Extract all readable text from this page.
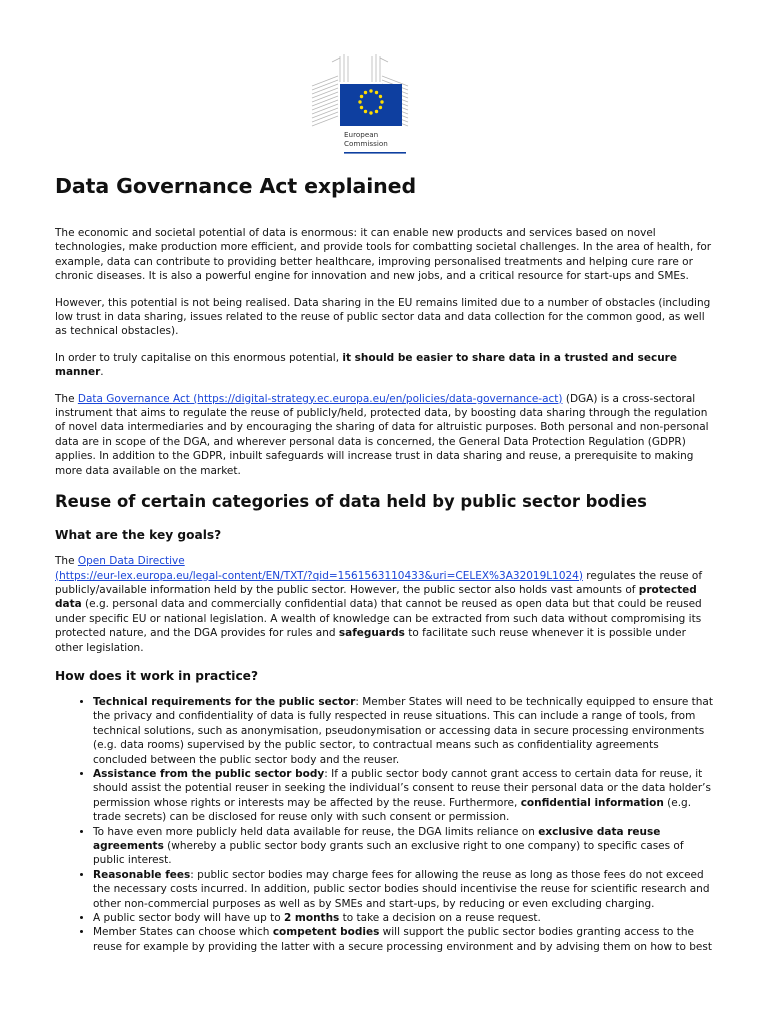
European
Commission
Data Governance Act explained

The economic and societal potential of data is enormous: it can enable new products and services based on novel technologies, make production more efficient, and provide tools for combatting societal challenges. In the area of health, for example, data can contribute to providing better healthcare, improving personalised treatments and helping cure rare or chronic diseases. It is also a powerful engine for innovation and new jobs, and a critical resource for start-ups and SMEs.

However, this potential is not being realised. Data sharing in the EU remains limited due to a number of obstacles (including low trust in data sharing, issues related to the reuse of public sector data and data collection for the common good, as well as technical obstacles).

In order to truly capitalise on this enormous potential, it should be easier to share data in a trusted and secure manner.

The Data Governance Act (https://digital-strategy.ec.europa.eu/en/policies/data-governance-act) (DGA) is a cross-sectoral instrument that aims to regulate the reuse of publicly/held, protected data, by boosting data sharing through the regulation of novel data intermediaries and by encouraging the sharing of data for altruistic purposes. Both personal and non-personal data are in scope of the DGA, and wherever personal data is concerned, the General Data Protection Regulation (GDPR) applies. In addition to the GDPR, inbuilt safeguards will increase trust in data sharing and reuse, a prerequisite to making more data available on the market.

Reuse of certain categories of data held by public sector bodies
What are the key goals?

The Open Data Directive
(https://eur-lex.europa.eu/legal-content/EN/TXT/?qid=1561563110433&uri=CELEX%3A32019L1024) regulates the reuse of publicly/available information held by the public sector. However, the public sector also holds vast amounts of protected data (e.g. personal data and commercially confidential data) that cannot be reused as open data but that could be reused under specific EU or national legislation. A wealth of knowledge can be extracted from such data without compromising its protected nature, and the DGA provides for rules and safeguards to facilitate such reuse whenever it is possible under other legislation.

How does it work in practice?
• Technical requirements for the public sector: Member States will need to be technically equipped to ensure that the privacy and confidentiality of data is fully respected in reuse situations. This can include a range of tools, from technical solutions, such as anonymisation, pseudonymisation or accessing data in secure processing environments (e.g. data rooms) supervised by the public sector, to contractual means such as confidentiality agreements concluded between the public sector body and the reuser.
• Assistance from the public sector body: If a public sector body cannot grant access to certain data for reuse, it should assist the potential reuser in seeking the individual’s consent to reuse their personal data or the data holder’s permission whose rights or interests may be affected by the reuse. Furthermore, confidential information (e.g. trade secrets) can be disclosed for reuse only with such consent or permission.
• To have even more publicly held data available for reuse, the DGA limits reliance on exclusive data reuse agreements (whereby a public sector body grants such an exclusive right to one company) to specific cases of public interest.
• Reasonable fees: public sector bodies may charge fees for allowing the reuse as long as those fees do not exceed the necessary costs incurred. In addition, public sector bodies should incentivise the reuse for scientific research and other non-commercial purposes as well as by SMEs and start-ups, by reducing or even excluding charging.
• A public sector body will have up to 2 months to take a decision on a reuse request.
• Member States can choose which competent bodies will support the public sector bodies granting access to the reuse for example by providing the latter with a secure processing environment and by advising them on how to best
